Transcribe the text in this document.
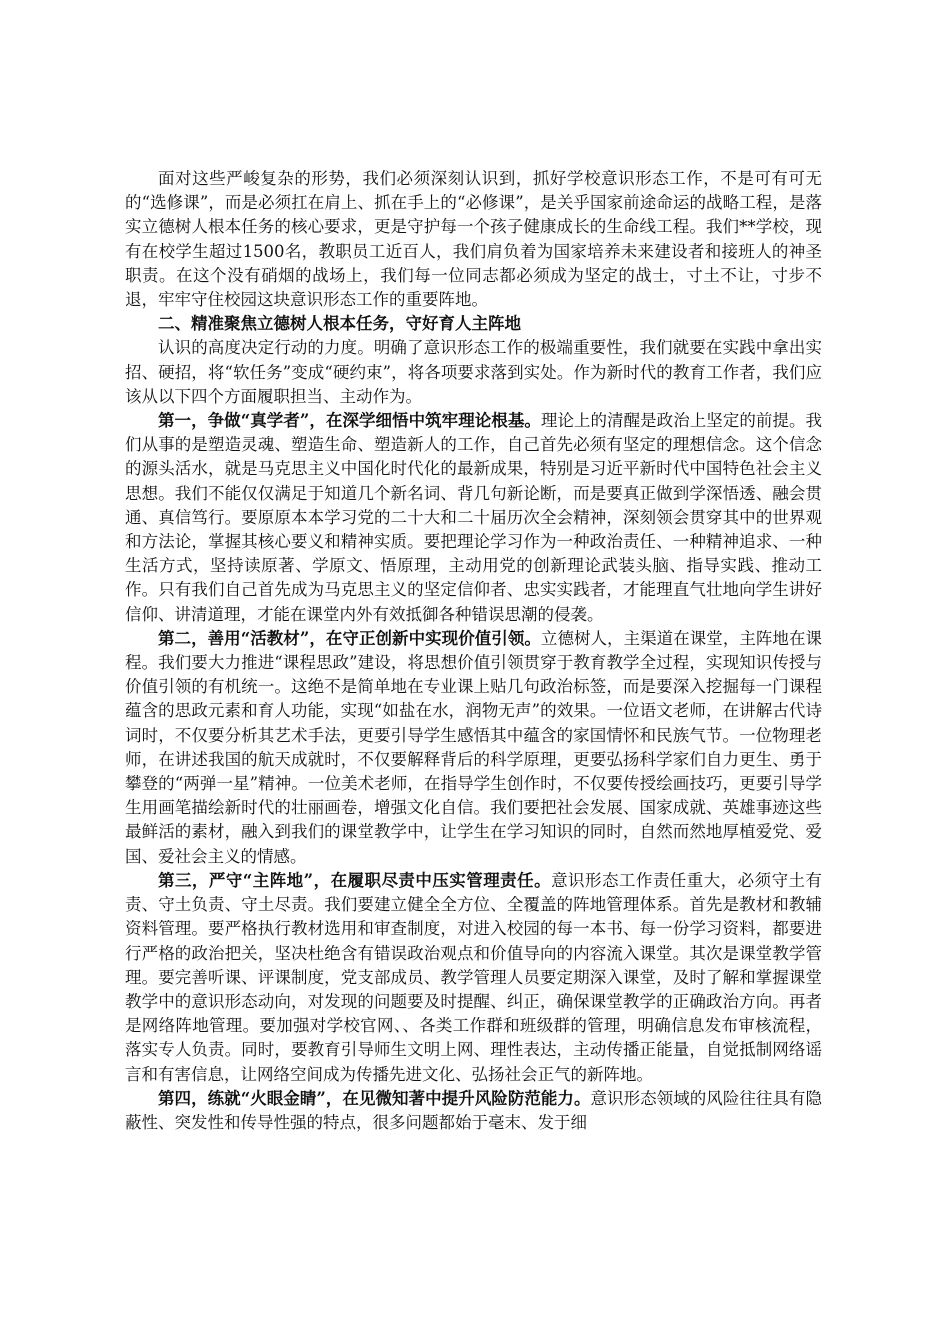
面对这些严峻复杂的形势，我们必须深刻认识到，抓好学校意识形态工作，不是可有可无的“选修课”，而是必须扛在肩上、抓在手上的“必修课”，是关乎国家前途命运的战略工程，是落实立德树人根本任务的核心要求，更是守护每一个孩子健康成长的生命线工程。我们**学校，现有在校学生超过1500名，教职员工近百人，我们肩负着为国家培养未来建设者和接班人的神圣职责。在这个没有硝烟的战场上，我们每一位同志都必须成为坚定的战士，寸土不让，寸步不退，牢牢守住校园这块意识形态工作的重要阵地。

二、精准聚焦立德树人根本任务，守好育人主阵地

认识的高度决定行动的力度。明确了意识形态工作的极端重要性，我们就要在实践中拿出实招、硬招，将“软任务”变成“硬约束”，将各项要求落到实处。作为新时代的教育工作者，我们应该从以下四个方面履职担当、主动作为。

第一，争做“真学者”，在深学细悟中筑牢理论根基。理论上的清醒是政治上坚定的前提。我们从事的是塑造灵魂、塑造生命、塑造新人的工作，自己首先必须有坚定的理想信念。这个信念的源头活水，就是马克思主义中国化时代化的最新成果，特别是习近平新时代中国特色社会主义思想。我们不能仅仅满足于知道几个新名词、背几句新论断，而是要真正做到学深悟透、融会贯通、真信笃行。要原原本本学习党的二十大和二十届历次全会精神，深刻领会贯穿其中的世界观和方法论，掌握其核心要义和精神实质。要把理论学习作为一种政治责任、一种精神追求、一种生活方式，坚持读原著、学原文、悟原理，主动用党的创新理论武装头脑、指导实践、推动工作。只有我们自己首先成为马克思主义的坚定信仰者、忠实实践者，才能理直气壮地向学生讲好信仰、讲清道理，才能在课堂内外有效抵御各种错误思潮的侵袭。

第二，善用“活教材”，在守正创新中实现价值引领。立德树人，主渠道在课堂，主阵地在课程。我们要大力推进“课程思政”建设，将思想价值引领贯穿于教育教学全过程，实现知识传授与价值引领的有机统一。这绝不是简单地在专业课上贴几句政治标签，而是要深入挖掘每一门课程蕴含的思政元素和育人功能，实现“如盐在水，润物无声”的效果。一位语文老师，在讲解古代诗词时，不仅要分析其艺术手法，更要引导学生感悟其中蕴含的家国情怀和民族气节。一位物理老师，在讲述我国的航天成就时，不仅要解释背后的科学原理，更要弘扬科学家们自力更生、勇于攀登的“两弹一星”精神。一位美术老师，在指导学生创作时，不仅要传授绘画技巧，更要引导学生用画笔描绘新时代的壮丽画卷，增强文化自信。我们要把社会发展、国家成就、英雄事迹这些最鲜活的素材，融入到我们的课堂教学中，让学生在学习知识的同时，自然而然地厚植爱党、爱国、爱社会主义的情感。

第三，严守“主阵地”，在履职尽责中压实管理责任。意识形态工作责任重大，必须守土有责、守土负责、守土尽责。我们要建立健全全方位、全覆盖的阵地管理体系。首先是教材和教辅资料管理。要严格执行教材选用和审查制度，对进入校园的每一本书、每一份学习资料，都要进行严格的政治把关，坚决杜绝含有错误政治观点和价值导向的内容流入课堂。其次是课堂教学管理。要完善听课、评课制度，党支部成员、教学管理人员要定期深入课堂，及时了解和掌握课堂教学中的意识形态动向，对发现的问题要及时提醒、纠正，确保课堂教学的正确政治方向。再者是网络阵地管理。要加强对学校官网、、各类工作群和班级群的管理，明确信息发布审核流程，落实专人负责。同时，要教育引导师生文明上网、理性表达，主动传播正能量，自觉抵制网络谣言和有害信息，让网络空间成为传播先进文化、弘扬社会正气的新阵地。

第四，练就“火眼金睛”，在见微知著中提升风险防范能力。意识形态领域的风险往往具有隐蔽性、突发性和传导性强的特点，很多问题都始于毫末、发于细
